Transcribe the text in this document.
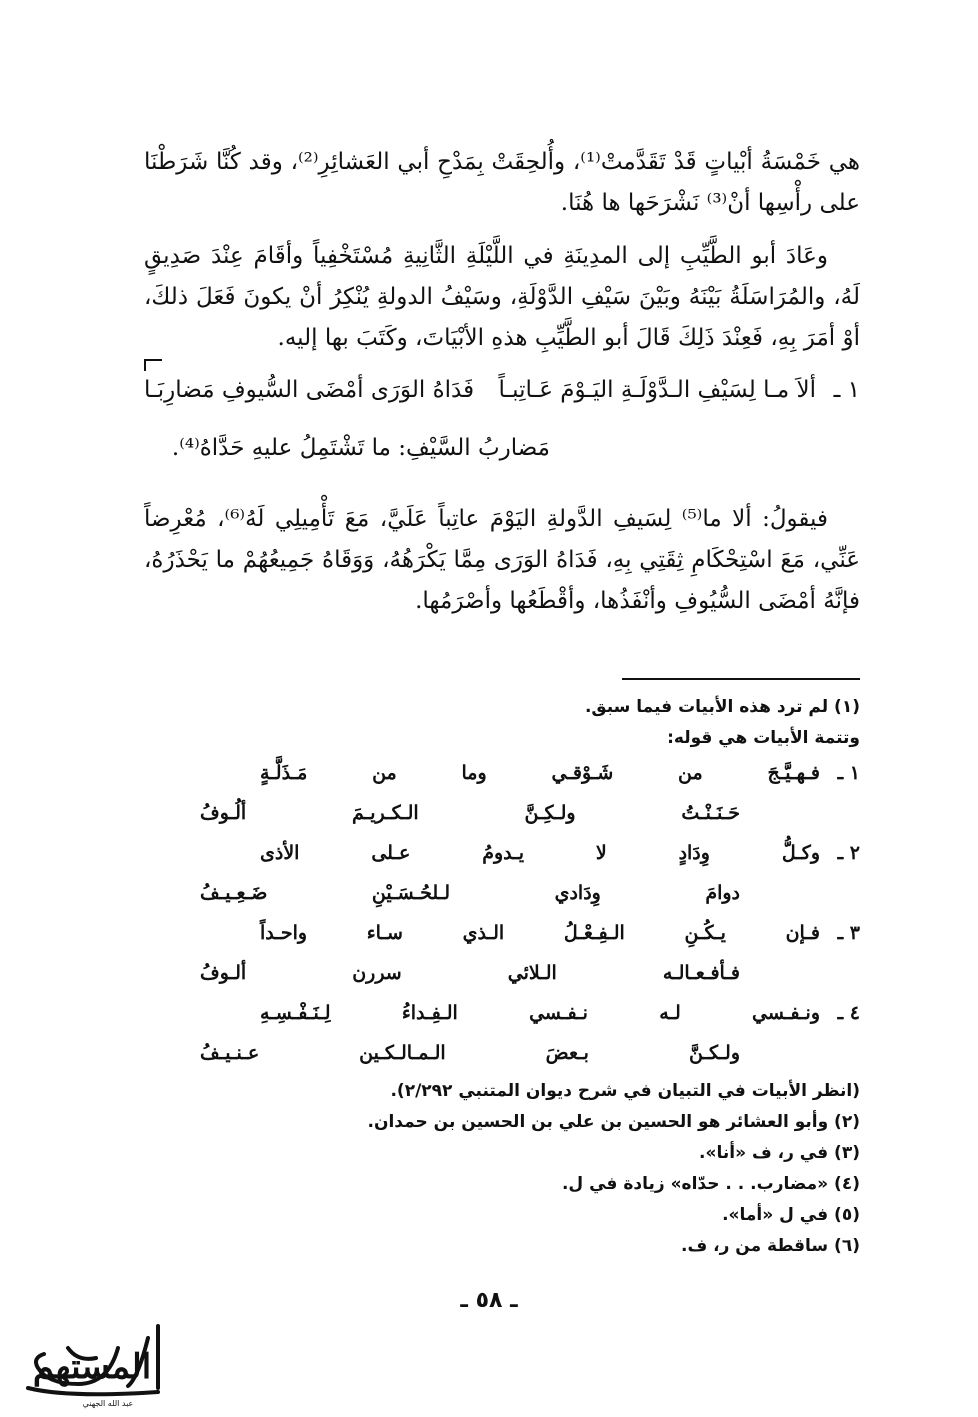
هي خَمْسَةُ أبْياتٍ قَدْ تَقَدَّمتْ⁽¹⁾، وأُلحِقَتْ بِمَدْحِ أبي العَشائِرِ⁽²⁾، وقد كُنَّا شَرَطْنَا على رأْسِها أنْ⁽³⁾ نَشْرَحَها ها هُنَا.

وعَادَ أبو الطَّيِّبِ إلى المدِينَةِ في اللَّيْلَةِ الثَّانِيةِ مُسْتَخْفِياً وأقَامَ عِنْدَ صَدِيقٍ لَهُ، والمُرَاسَلَةُ بَيْنَهُ وبَيْنَ سَيْفِ الدَّوْلَةِ، وسَيْفُ الدولةِ يُنْكِرُ أنْ يكونَ فَعَلَ ذلكَ، أوْ أمَرَ بِهِ، فَعِنْدَ ذَلِكَ قَالَ أبو الطَّيِّبِ هذهِ الأبْيَاتَ، وكَتَبَ بها إليه.

١ ـ
ألاَ مـا لِسَيْفِ الـدَّوْلَـةِ اليَـوْمَ عَـاتِبـاً
فَدَاهُ الوَرَى أمْضَى السُّيوفِ مَضارِبَـا
مَضاربُ السَّيْفِ: ما تَشْتَمِلُ عليهِ حَدَّاهُ⁽⁴⁾.

فيقولُ: ألا ما⁽⁵⁾ لِسَيفِ الدَّولةِ اليَوْمَ عاتِباً عَلَيَّ، مَعَ تَأْمِيلِي لَهُ⁽⁶⁾، مُعْرِضاً عَنِّي، مَعَ اسْتِحْكَامِ ثِقَتِي بِهِ، فَدَاهُ الوَرَى مِمَّا يَكْرَهُهُ، وَوَقَاهُ جَمِيعُهُمْ ما يَحْذَرُهُ، فإنَّهُ أمْضَى السُّيُوفِ وأنْفَذُها، وأقْطَعُها وأصْرَمُها.

(١) لم ترد هذه الأبيات فيما سبق.
وتتمة الأبيات هي قوله:
١ ـ
فـهـيَّـجَ
من
شَـوْقـي
وما
من
مَـذَلَّـةٍ
حَـنَـنْـتُ
ولـكِـنَّ
الـكـريـمَ
ألُـوفُ
٢ ـ
وكـلُّ
وِدَادٍ
لا
يـدومُ
عـلى
الأذى
دوامَ
وِدَادي
لـلحُـسَـيْنِ
ضَـعِـيـفُ
٣ ـ
فـإن
يـكُـنِ
الـفِـعْـلُ
الـذي
سـاء
واحـداً
فـأفـعـالـه
الـلائي
سررن
ألـوفُ
٤ ـ
ونـفـسي
لـه
نـفـسي
الـفِـداءُ
لِـنَـفْـسِـهِ
ولـكـنَّ
بـعضَ
الـمـالـكـين
عـنـيـفُ
(انظر الأبيات في التبيان في شرح ديوان المتنبي ٢/٢٩٢).
(٢) وأبو العشائر هو الحسين بن علي بن الحسين بن حمدان.
(٣) في ر، ف «أنا».
(٤) «مضارب. . . حدّاه» زيادة في ل.
(٥) في ل «أما».
(٦) ساقطة من ر، ف.
ـ ٥٨ ـ
المستهم
عبد الله الجهني
